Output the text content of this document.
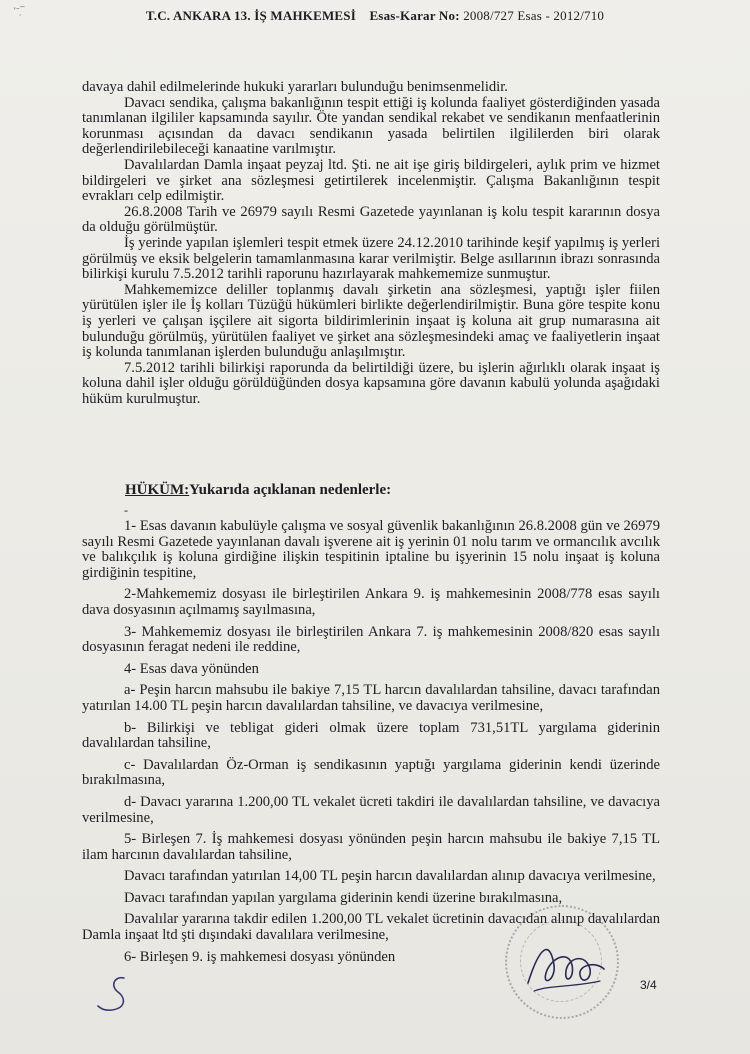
' ̄ ̣ ̅	T.C. ANKARA 13. İŞ MAHKEMESİ Esas-Karar No: 2008/727 Esas - 2012/710

davaya dahil edilmelerinde hukuki yararları bulunduğu benimsenmelidir.

Davacı sendika, çalışma bakanlığının tespit ettiği iş kolunda faaliyet gösterdiğinden yasada tanımlanan ilgililer kapsamında sayılır. Öte yandan sendikal rekabet ve sendikanın menfaatlerinin korunması açısından da davacı sendikanın yasada belirtilen ilgililerden biri olarak değerlendirilebileceği kanaatine varılmıştır.

Davalılardan Damla inşaat peyzaj ltd. Şti. ne ait işe giriş bildirgeleri, aylık prim ve hizmet bildirgeleri ve şirket ana sözleşmesi getirtilerek incelenmiştir. Çalışma Bakanlığının tespit evrakları celp edilmiştir.

26.8.2008 Tarih ve 26979 sayılı Resmi Gazetede yayınlanan iş kolu tespit kararının dosya da olduğu görülmüştür.

İş yerinde yapılan işlemleri tespit etmek üzere 24.12.2010 tarihinde keşif yapılmış iş yerleri görülmüş ve eksik belgelerin tamamlanmasına karar verilmiştir. Belge asıllarının ibrazı sonrasında bilirkişi kurulu 7.5.2012 tarihli raporunu hazırlayarak mahkememize sunmuştur.

Mahkememizce deliller toplanmış davalı şirketin ana sözleşmesi, yaptığı işler fiilen yürütülen işler ile İş kolları Tüzüğü hükümleri birlikte değerlendirilmiştir. Buna göre tespite konu iş yerleri ve çalışan işçilere ait sigorta bildirimlerinin inşaat iş koluna ait grup numarasına ait bulunduğu görülmüş, yürütülen faaliyet ve şirket ana sözleşmesindeki amaç ve faaliyetlerin inşaat iş kolunda tanımlanan işlerden bulunduğu anlaşılmıştır.

7.5.2012 tarihli bilirkişi raporunda da belirtildiği üzere, bu işlerin ağırlıklı olarak inşaat iş koluna dahil işler olduğu görüldüğünden dosya kapsamına göre davanın kabulü yolunda aşağıdaki hüküm kurulmuştur.

HÜKÜM:Yukarıda açıklanan nedenlerle:
-

1- Esas davanın kabulüyle çalışma ve sosyal güvenlik bakanlığının 26.8.2008 gün ve 26979 sayılı Resmi Gazetede yayınlanan davalı işverene ait iş yerinin 01 nolu tarım ve ormancılık avcılık ve balıkçılık iş koluna girdiğine ilişkin tespitinin iptaline bu işyerinin 15 nolu inşaat iş koluna girdiğinin tespitine,

2-Mahkememiz dosyası ile birleştirilen Ankara 9. iş mahkemesinin 2008/778 esas sayılı dava dosyasının açılmamış sayılmasına,

3- Mahkememiz dosyası ile birleştirilen Ankara 7. iş mahkemesinin 2008/820 esas sayılı dosyasının feragat nedeni ile reddine,

4- Esas dava yönünden

a- Peşin harcın mahsubu ile bakiye 7,15 TL harcın davalılardan tahsiline, davacı tarafından yatırılan 14.00 TL peşin harcın davalılardan tahsiline, ve davacıya verilmesine,

b- Bilirkişi ve tebligat gideri olmak üzere toplam 731,51TL yargılama giderinin davalılardan tahsiline,

c- Davalılardan Öz-Orman iş sendikasının yaptığı yargılama giderinin kendi üzerinde bırakılmasına,

d- Davacı yararına 1.200,00 TL vekalet ücreti takdiri ile davalılardan tahsiline, ve davacıya verilmesine,

5- Birleşen 7. İş mahkemesi dosyası yönünden peşin harcın mahsubu ile bakiye 7,15 TL ilam harcının davalılardan tahsiline,

Davacı tarafından yatırılan 14,00 TL peşin harcın davalılardan alınıp davacıya verilmesine,

Davacı tarafından yapılan yargılama giderinin kendi üzerine bırakılmasına,

Davalılar yararına takdir edilen 1.200,00 TL vekalet ücretinin davacıdan alınıp davalılardan Damla inşaat ltd şti dışındaki davalılara verilmesine,

6- Birleşen 9. iş mahkemesi dosyası yönünden

3/4
